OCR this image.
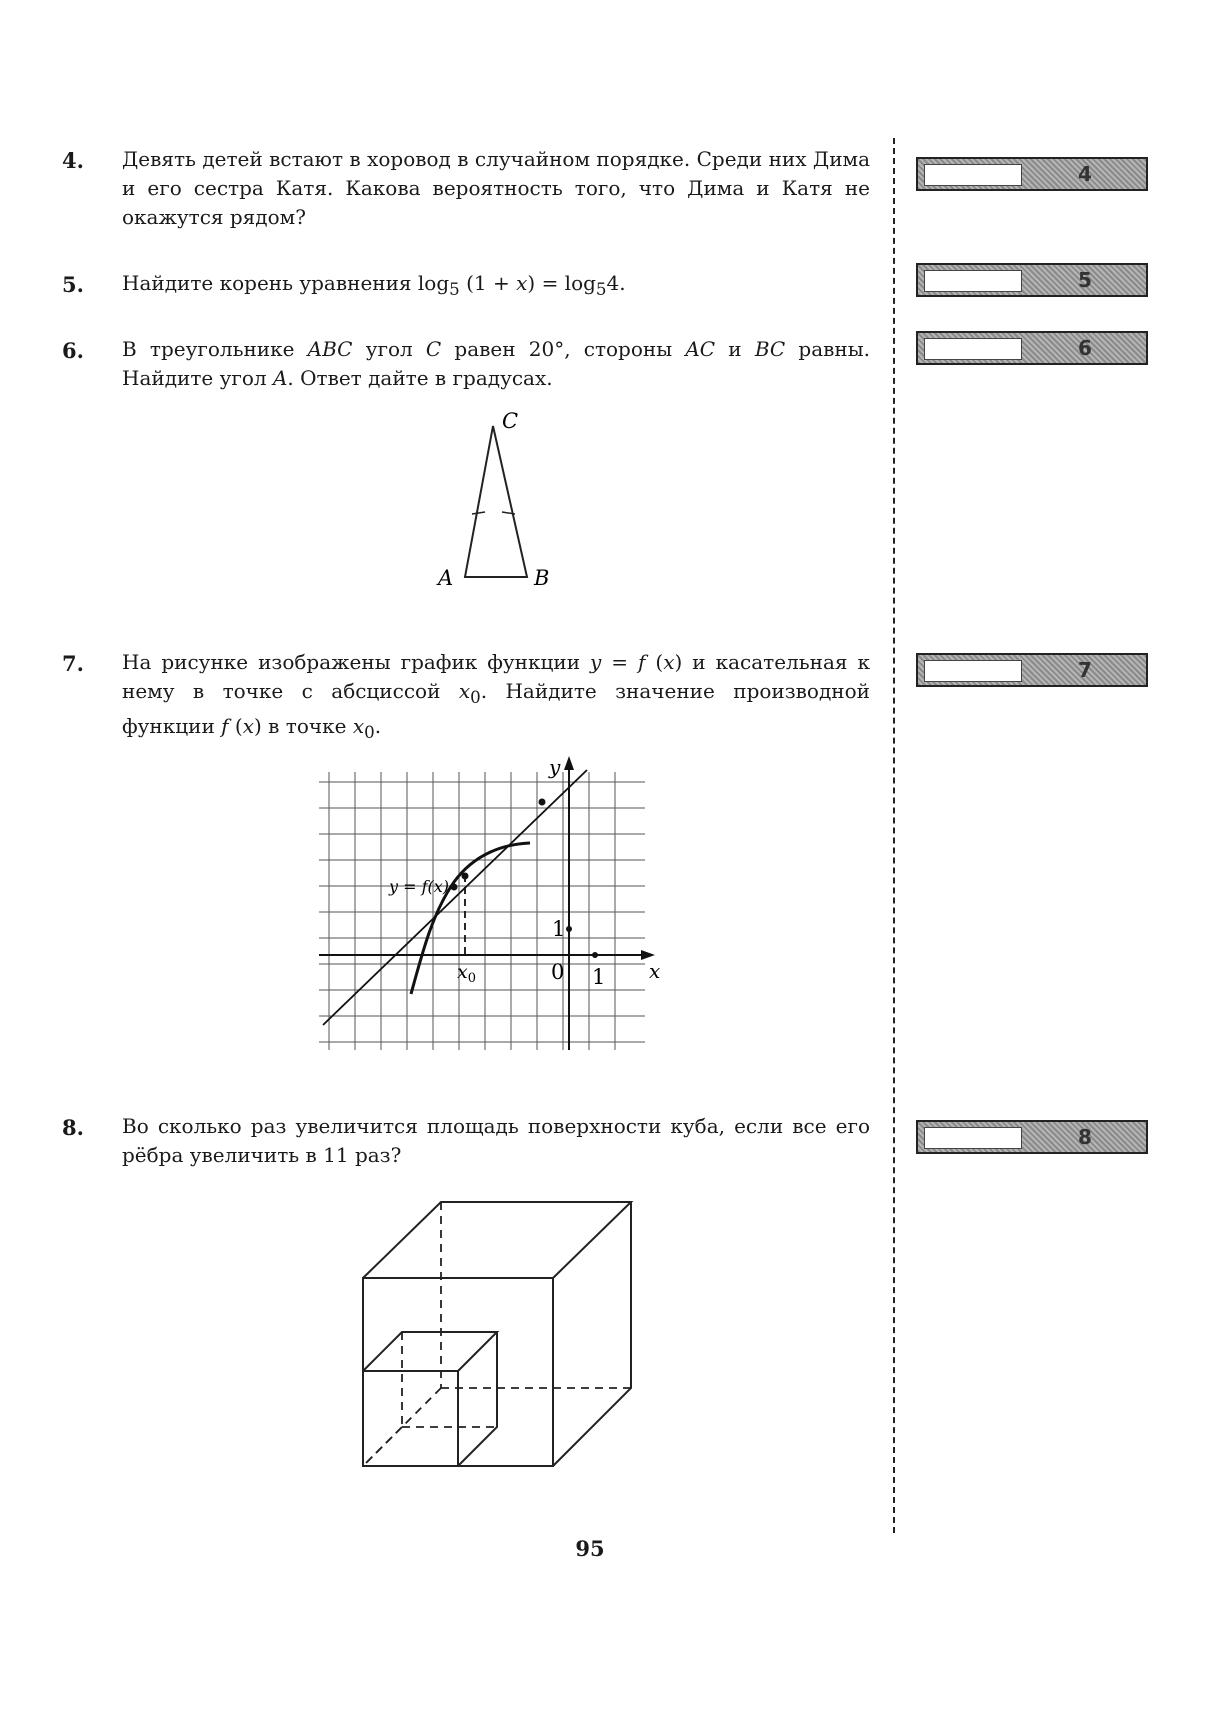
4. Девять детей встают в хоровод в случайном порядке. Среди них Дима и его сестра Катя. Какова вероятность того, что Дима и Катя не окажутся рядом?
4
5. Найдите корень уравнения $\log_5 (1 + x) = \log_54$.	5
6. В треугольнике ABC угол C равен 20°, стороны AC и BC равны. Найдите угол A. Ответ дайте в градусах.
6
C
A	B
7. На рисунке изображены график функции y = f (x) и касательная к нему в точке с абсциссой $x_0$. Найдите значение производной функции f (x) в точке $x_0$.
7
y
x
0 1
1
$x_0$
y = f(x)
8. Во сколько раз увеличится площадь поверхности куба, если все его рёбра увеличить в 11 раз?
8
95
